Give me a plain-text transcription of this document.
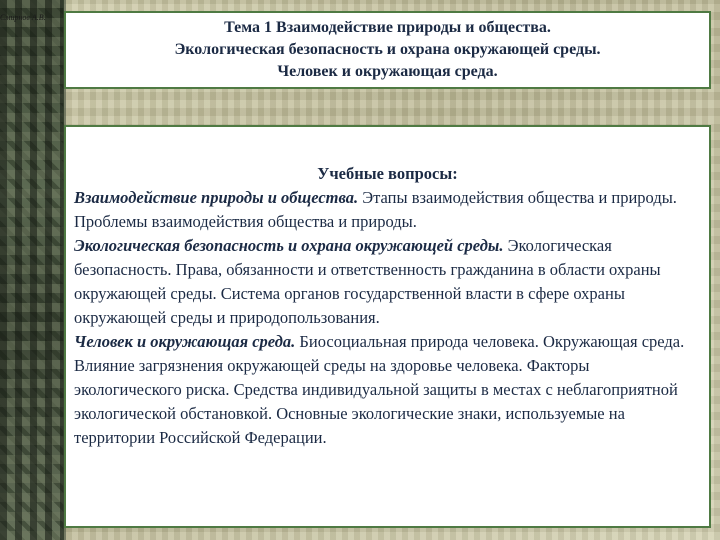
Смирнов А.В.
Тема 1 Взаимодействие природы и общества.
Экологическая безопасность и охрана окружающей среды.
Человек и окружающая среда.
Учебные вопросы:

Взаимодействие природы и общества. Этапы взаимодействия общества и природы. Проблемы взаимодействия общества и природы.

Экологическая безопасность и охрана окружающей среды. Экологическая безопасность. Права, обязанности и ответственность гражданина в области охраны окружающей среды. Система органов государственной власти в сфере охраны окружающей среды и природопользования.

Человек и окружающая среда. Биосоциальная природа человека. Окружающая среда. Влияние загрязнения окружающей среды на здоровье человека. Факторы экологического риска. Средства индивидуальной защиты в местах с неблагоприятной экологической обстановкой. Основные экологические знаки, используемые на территории Российской Федерации.
